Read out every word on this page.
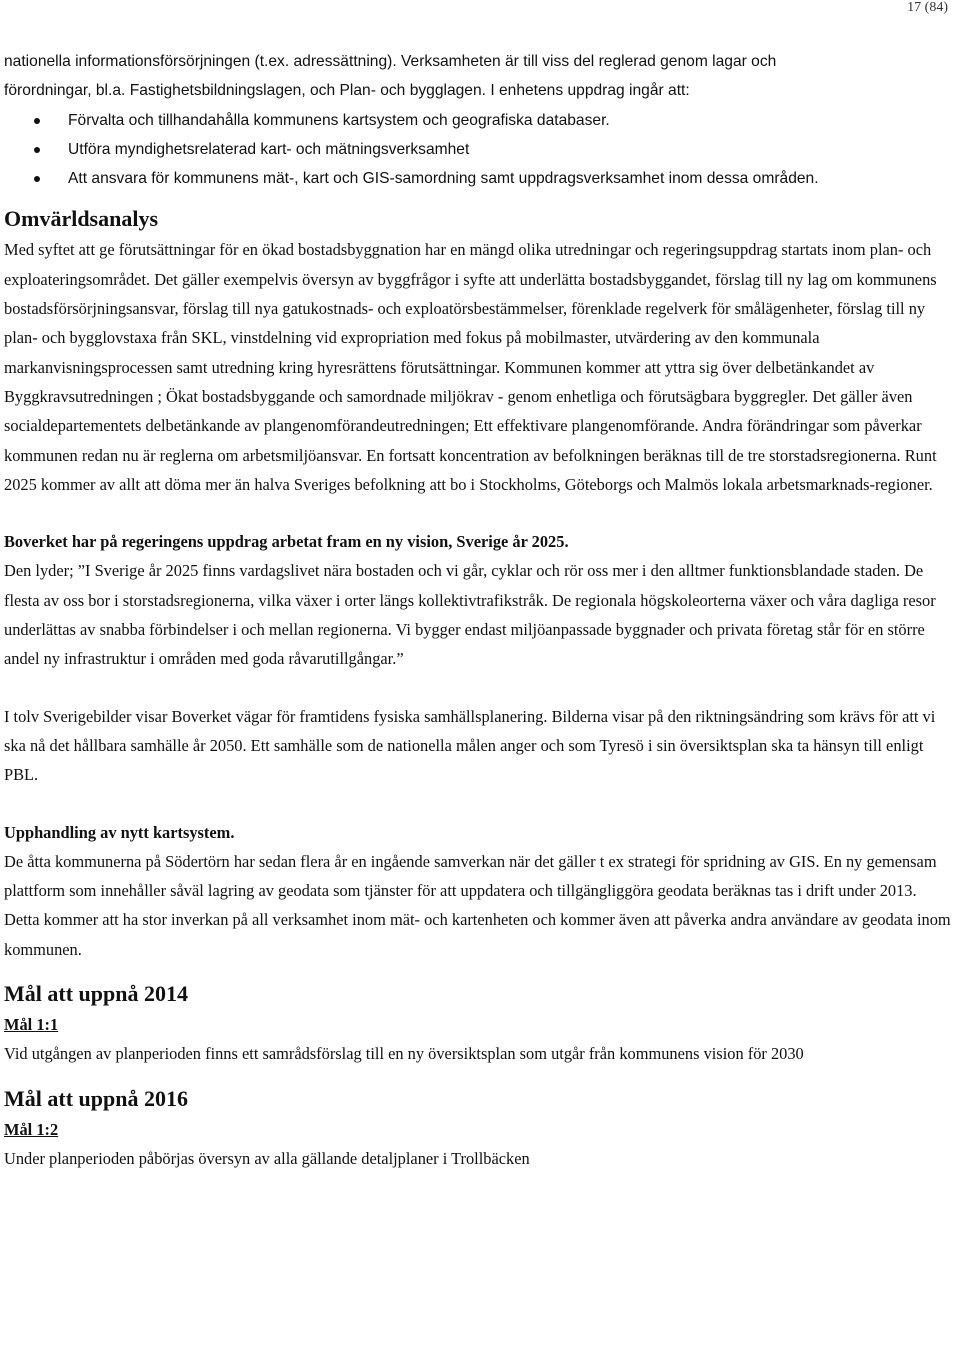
17 (84)

nationella informationsförsörjningen (t.ex. adressättning). Verksamheten är till viss del reglerad genom lagar och

förordningar, bl.a. Fastighetsbildningslagen, och Plan- och bygglagen. I enhetens uppdrag ingår att:

Förvalta och tillhandahålla kommunens kartsystem och geografiska databaser.
Utföra myndighetsrelaterad kart- och mätningsverksamhet
Att ansvara för kommunens mät-, kart och GIS-samordning samt uppdragsverksamhet inom dessa områden.
Omvärldsanalys

Med syftet att ge förutsättningar för en ökad bostadsbyggnation har en mängd olika utredningar och regeringsuppdrag startats inom plan- och exploateringsområdet. Det gäller exempelvis översyn av byggfrågor i syfte att underlätta bostadsbyggandet, förslag till ny lag om kommunens bostadsförsörjningsansvar, förslag till nya gatukostnads- och exploatörsbestämmelser, förenklade regelverk för smålägenheter, förslag till ny plan- och bygglovstaxa från SKL, vinstdelning vid expropriation med fokus på mobilmaster, utvärdering av den kommunala markanvisningsprocessen samt utredning kring hyresrättens förutsättningar. Kommunen kommer att yttra sig över delbetänkandet av Byggkravsutredningen ; Ökat bostadsbyggande och samordnade miljökrav - genom enhetliga och förutsägbara byggregler. Det gäller även socialdepartementets delbetänkande av plangenomförandeutredningen; Ett effektivare plangenomförande. Andra förändringar som påverkar kommunen redan nu är reglerna om arbetsmiljöansvar. En fortsatt koncentration av befolkningen beräknas till de tre storstadsregionerna. Runt 2025 kommer av allt att döma mer än halva Sveriges befolkning att bo i Stockholms, Göteborgs och Malmös lokala arbetsmarknads-regioner.

Boverket har på regeringens uppdrag arbetat fram en ny vision, Sverige år 2025.

Den lyder; ”I Sverige år 2025 finns vardagslivet nära bostaden och vi går, cyklar och rör oss mer i den alltmer funktionsblandade staden. De flesta av oss bor i storstadsregionerna, vilka växer i orter längs kollektivtrafikstråk. De regionala högskoleorterna växer och våra dagliga resor underlättas av snabba förbindelser i och mellan regionerna. Vi bygger endast miljöanpassade byggnader och privata företag står för en större andel ny infrastruktur i områden med goda råvarutillgångar.”

I tolv Sverigebilder visar Boverket vägar för framtidens fysiska samhällsplanering. Bilderna visar på den riktningsändring som krävs för att vi ska nå det hållbara samhälle år 2050. Ett samhälle som de nationella målen anger och som Tyresö i sin översiktsplan ska ta hänsyn till enligt PBL.

Upphandling av nytt kartsystem.

De åtta kommunerna på Södertörn har sedan flera år en ingående samverkan när det gäller t ex strategi för spridning av GIS. En ny gemensam plattform som innehåller såväl lagring av geodata som tjänster för att uppdatera och tillgängliggöra geodata beräknas tas i drift under 2013. Detta kommer att ha stor inverkan på all verksamhet inom mät- och kartenheten och kommer även att påverka andra användare av geodata inom kommunen.

Mål att uppnå 2014

Mål 1:1

Vid utgången av planperioden finns ett samrådsförslag till en ny översiktsplan som utgår från kommunens vision för 2030

Mål att uppnå 2016

Mål 1:2

Under planperioden påbörjas översyn av alla gällande detaljplaner i Trollbäcken
